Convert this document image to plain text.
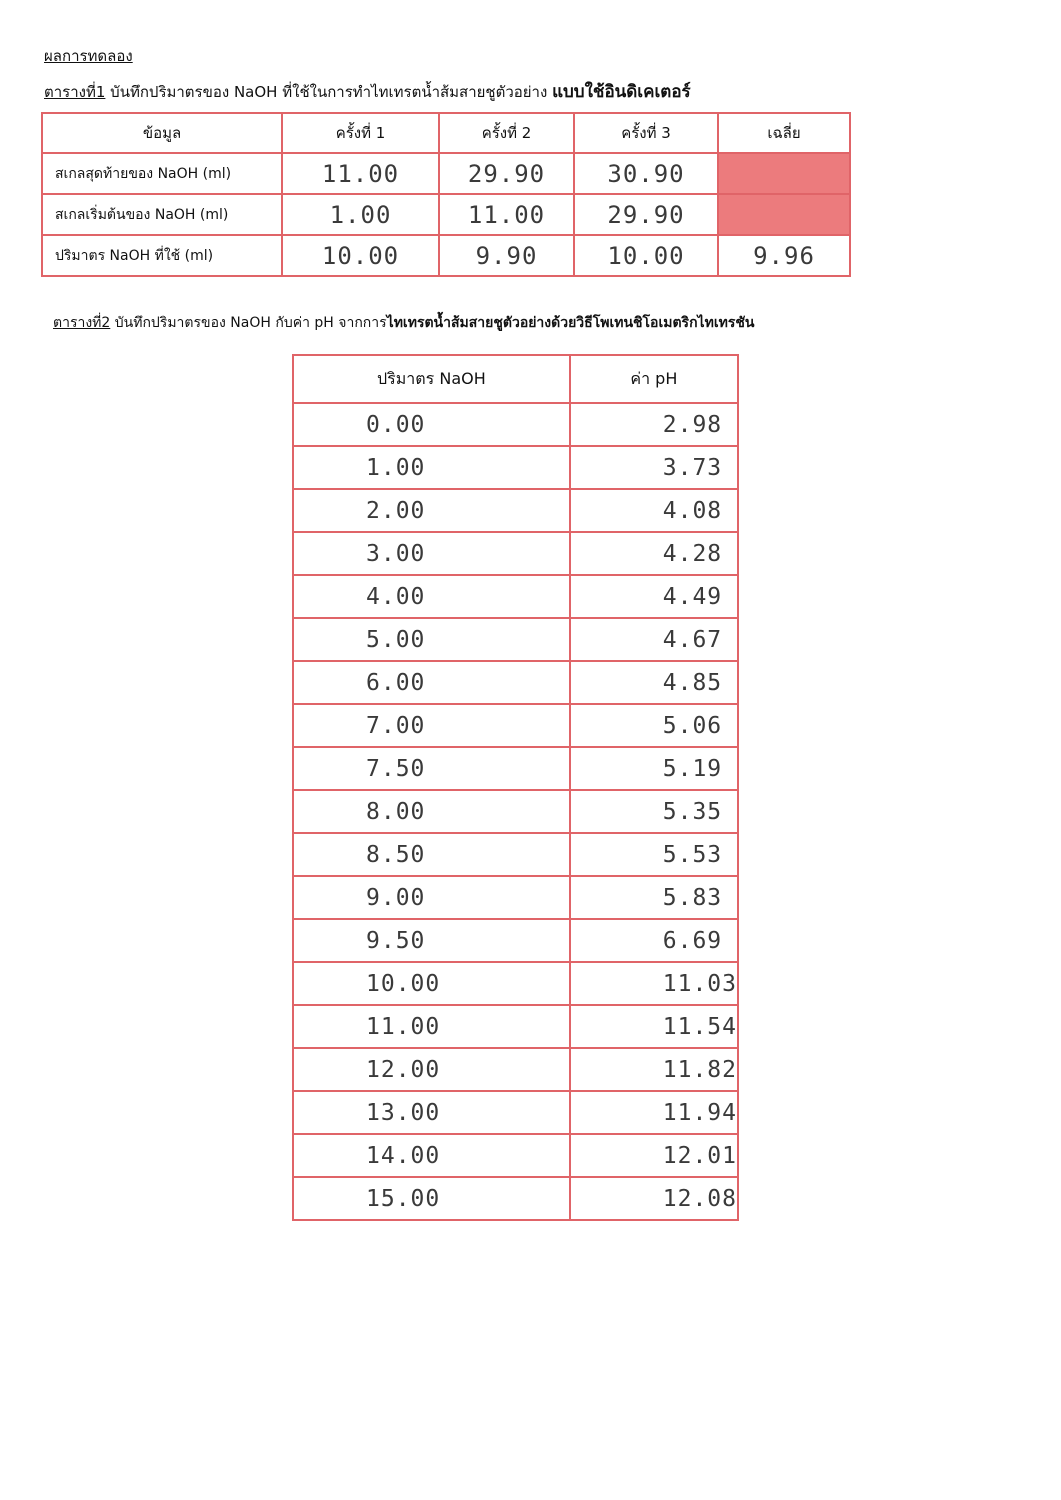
ผลการทดลอง
ตารางที่1 บันทึกปริมาตรของ NaOH ที่ใช้ในการทำไทเทรตน้ำส้มสายชูตัวอย่าง แบบใช้อินดิเคเตอร์
ข้อมูล	ครั้งที่ 1	ครั้งที่ 2	ครั้งที่ 3	เฉลี่ย
สเกลสุดท้ายของ NaOH (ml)	11.00	29.90	30.90	
สเกลเริ่มต้นของ NaOH (ml)	1.00	11.00	29.90	
ปริมาตร NaOH ที่ใช้ (ml)	10.00	9.90	10.00	9.96
ตารางที่2 บันทึกปริมาตรของ NaOH กับค่า pH จากการไทเทรตน้ำส้มสายชูตัวอย่างด้วยวิธีโพเทนชิโอเมตริกไทเทรชัน
ปริมาตร NaOH	ค่า pH
0.00	2.98
1.00	3.73
2.00	4.08
3.00	4.28
4.00	4.49
5.00	4.67
6.00	4.85
7.00	5.06
7.50	5.19
8.00	5.35
8.50	5.53
9.00	5.83
9.50	6.69
10.00	11.03
11.00	11.54
12.00	11.82
13.00	11.94
14.00	12.01
15.00	12.08
